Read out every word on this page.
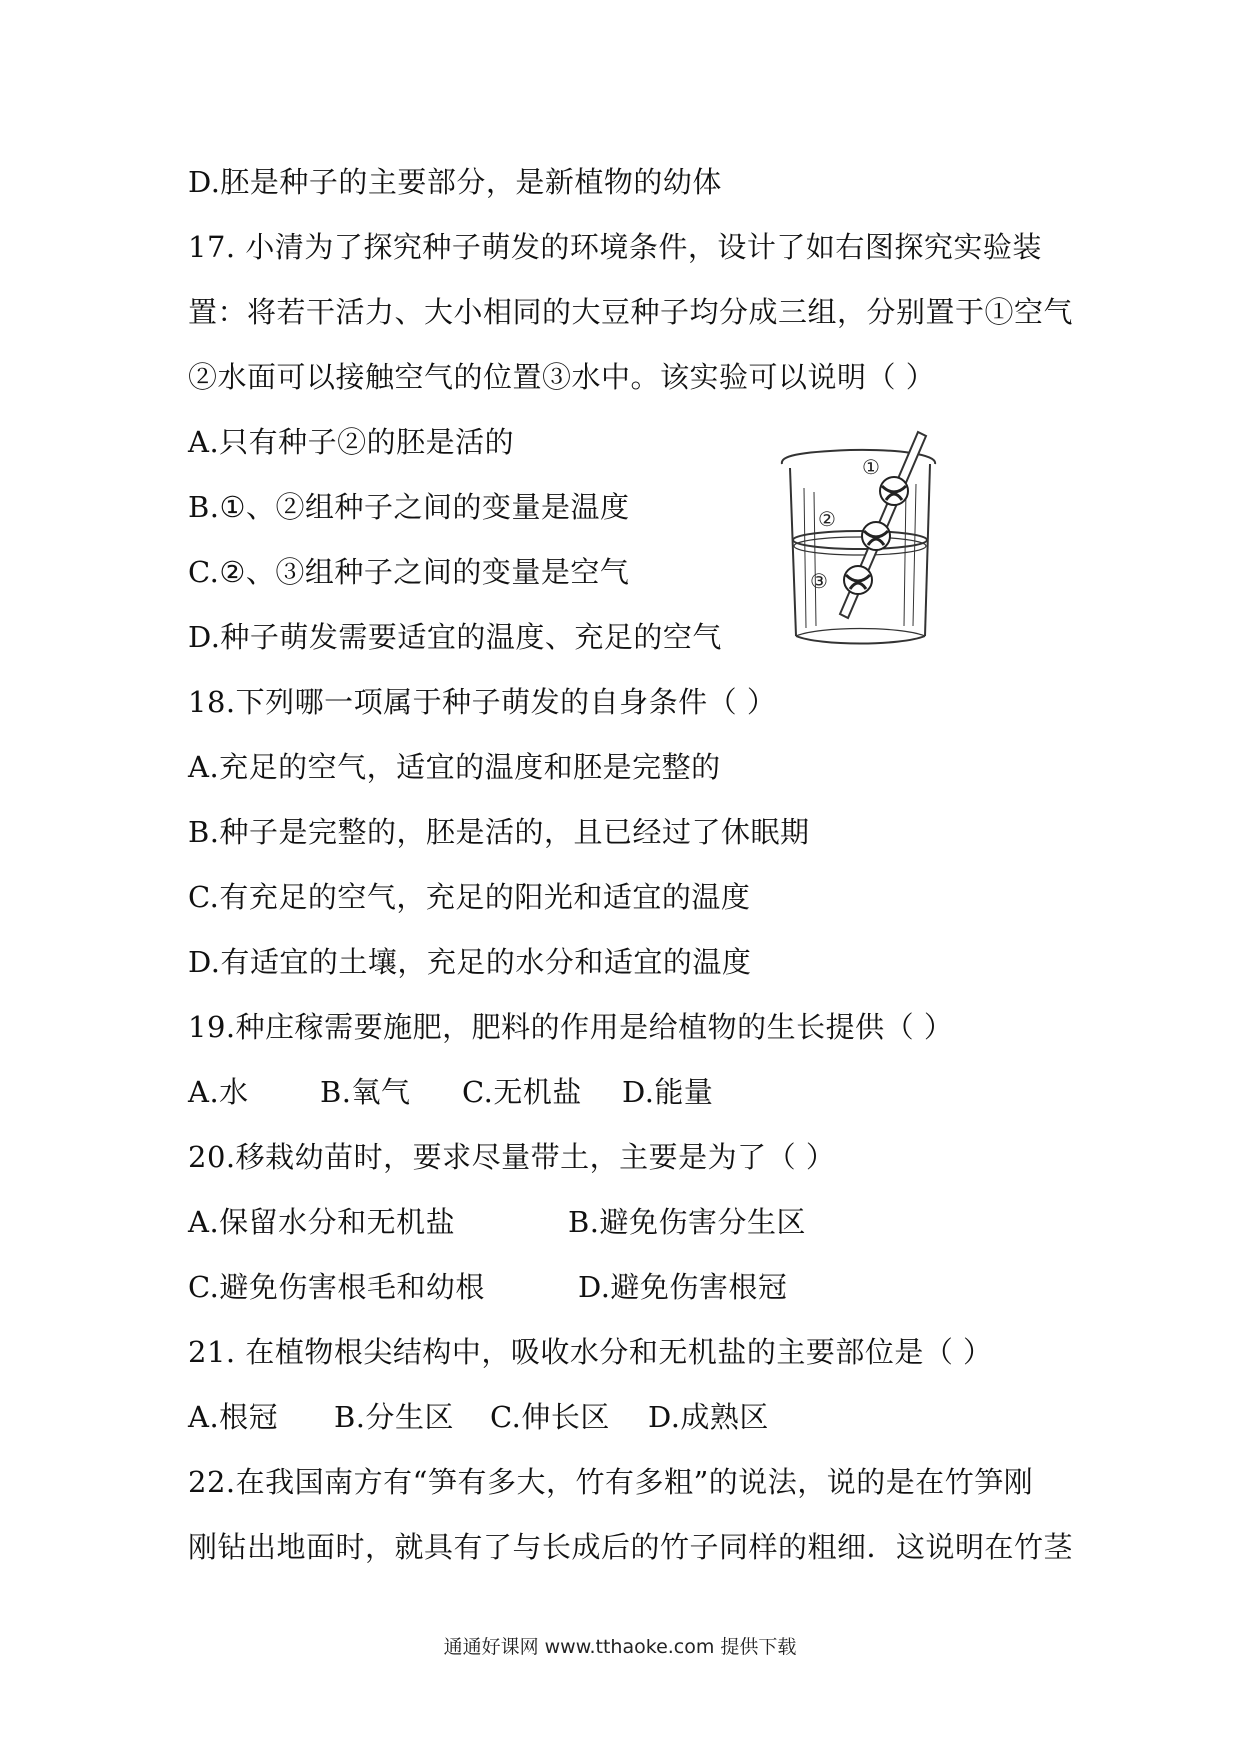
D.胚是种子的主要部分，是新植物的幼体

17. 小清为了探究种子萌发的环境条件，设计了如右图探究实验装

置：将若干活力、大小相同的大豆种子均分成三组，分别置于①空气

②水面可以接触空气的位置③水中。该实验可以说明（ ）

A.只有种子②的胚是活的

B.①、②组种子之间的变量是温度

C.②、③组种子之间的变量是空气

D.种子萌发需要适宜的温度、充足的空气

①
②
③

18.下列哪一项属于种子萌发的自身条件（ ）

A.充足的空气，适宜的温度和胚是完整的

B.种子是完整的，胚是活的，且已经过了休眠期

C.有充足的空气，充足的阳光和适宜的温度

D.有适宜的土壤，充足的水分和适宜的温度

19.种庄稼需要施肥，肥料的作用是给植物的生长提供（ ）

A.水 B.氧气 C.无机盐 D.能量

20.移栽幼苗时，要求尽量带土，主要是为了（ ）

A.保留水分和无机盐	B.避免伤害分生区
C.避免伤害根毛和幼根	D.避免伤害根冠

21. 在植物根尖结构中，吸收水分和无机盐的主要部位是（ ）

A.根冠 B.分生区 C.伸长区 D.成熟区

22.在我国南方有“笋有多大，竹有多粗”的说法，说的是在竹笋刚

刚钻出地面时，就具有了与长成后的竹子同样的粗细．这说明在竹茎

通通好课网 www.tthaoke.com 提供下载
